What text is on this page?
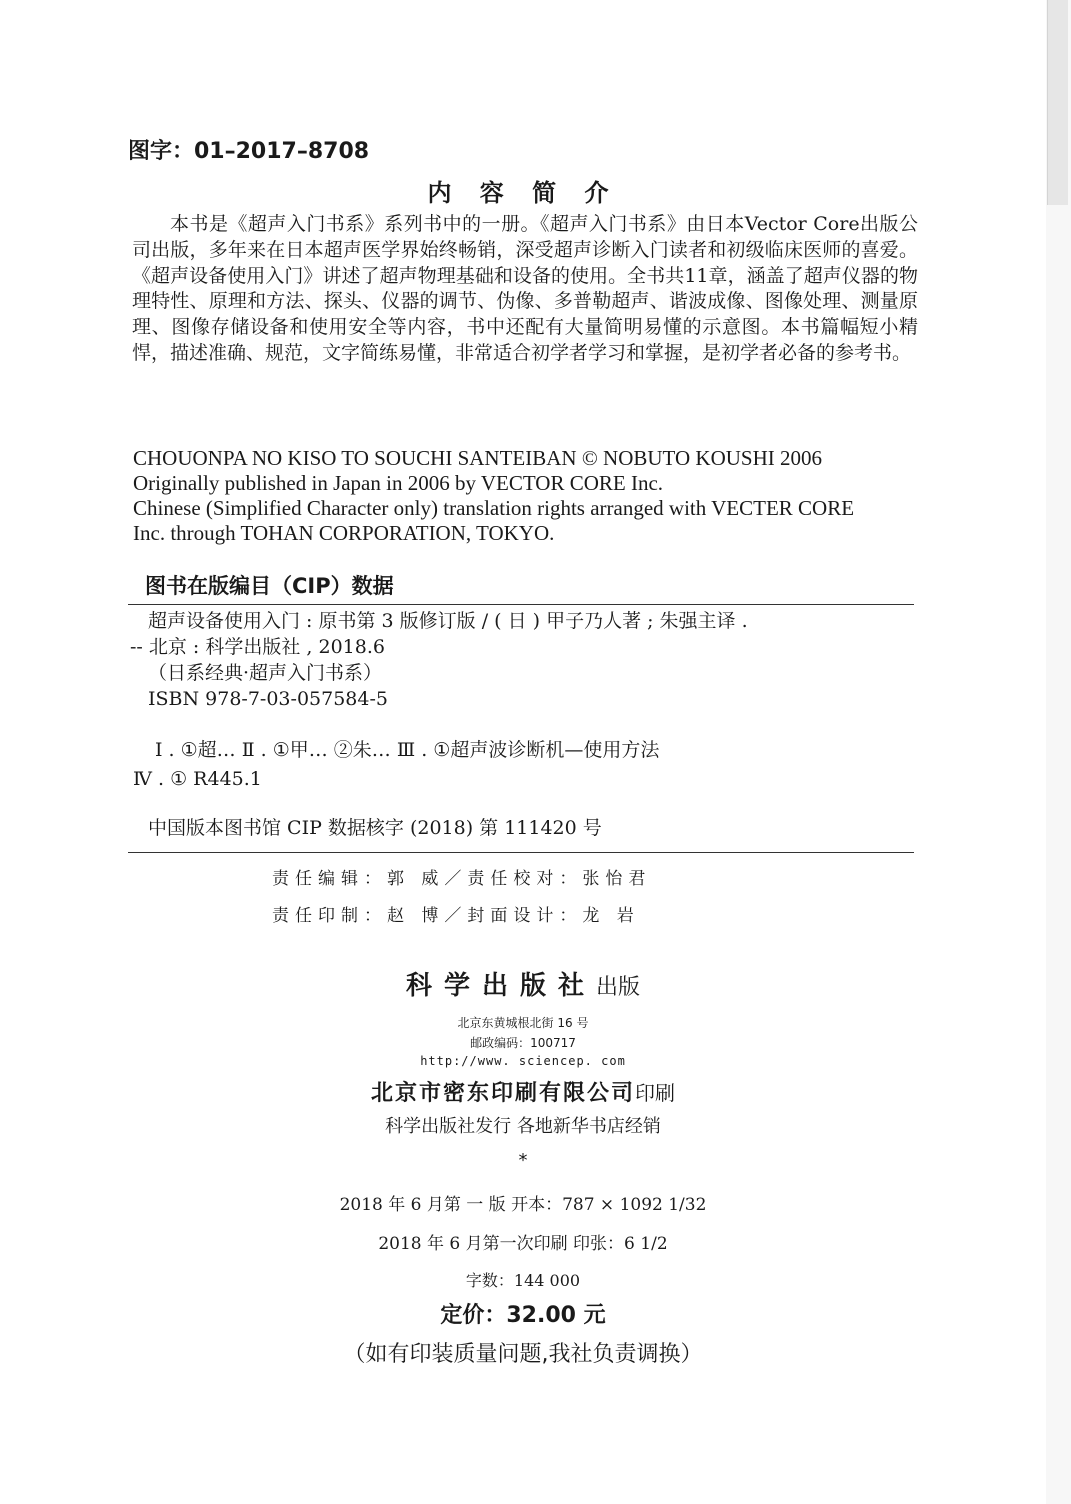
图字：01–2017–8708
内 容 简 介

本书是《超声入门书系》系列书中的一册。《超声入门书系》由日本Vector Core出版公司出版，多年来在日本超声医学界始终畅销，深受超声诊断入门读者和初级临床医师的喜爱。《超声设备使用入门》讲述了超声物理基础和设备的使用。全书共11章，涵盖了超声仪器的物理特性、原理和方法、探头、仪器的调节、伪像、多普勒超声、谐波成像、图像处理、测量原理、图像存储设备和使用安全等内容，书中还配有大量简明易懂的示意图。本书篇幅短小精悍，描述准确、规范，文字简练易懂，非常适合初学者学习和掌握，是初学者必备的参考书。

CHOUONPA NO KISO TO SOUCHI SANTEIBAN © NOBUTO KOUSHI 2006
Originally published in Japan in 2006 by VECTOR CORE Inc.
Chinese (Simplified Character only) translation rights arranged with VECTER CORE
Inc. through TOHAN CORPORATION, TOKYO.
图书在版编目（CIP）数据
超声设备使用入门 : 原书第 3 版修订版 / ( 日 ) 甲子乃人著 ; 朱强主译 .
-- 北京 : 科学出版社 , 2018.6
（日系经典·超声入门书系）
ISBN 978-7-03-057584-5
Ⅰ . ①超… Ⅱ . ①甲… ②朱… Ⅲ . ①超声波诊断机—使用方法
Ⅳ . ① R445.1
中国版本图书馆 CIP 数据核字 (2018) 第 111420 号
责任编辑：郭 威／责任校对：张怡君
责任印制：赵 博／封面设计：龙 岩
科学出版社出版
北京东黄城根北街 16 号
邮政编码：100717
http://www. sciencep. com
北京市密东印刷有限公司印刷
科学出版社发行 各地新华书店经销
*
2018 年 6 月第 一 版 开本：787 × 1092 1/32
2018 年 6 月第一次印刷 印张：6 1/2
字数：144 000
定价：32.00 元
（如有印装质量问题,我社负责调换）
